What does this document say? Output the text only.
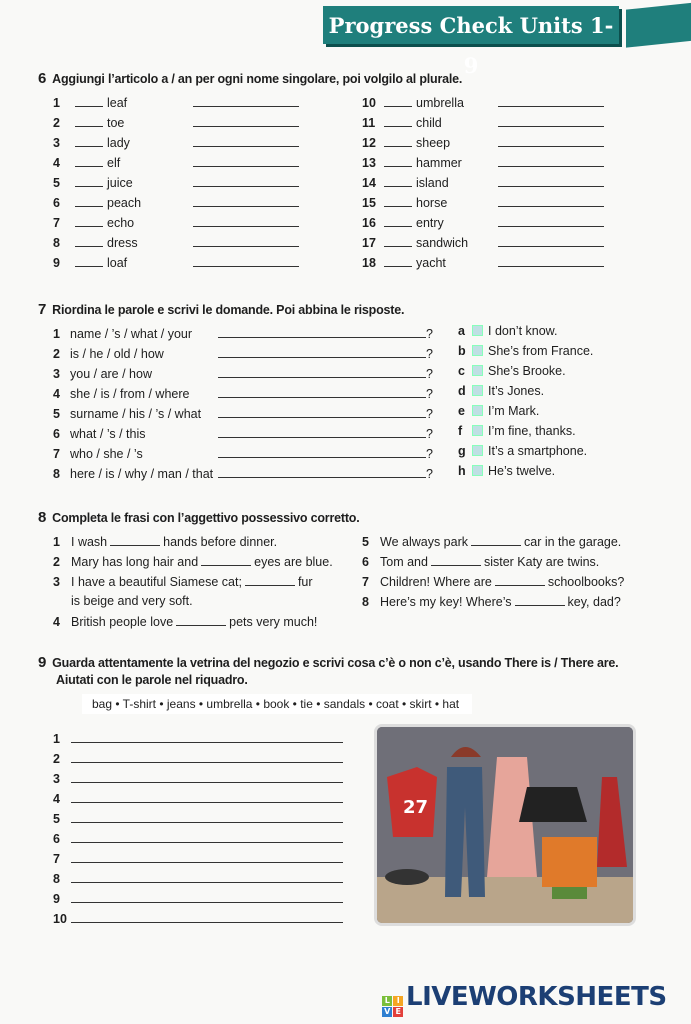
Progress Check Units 1-9
6 Aggiungi l’articolo a / an per ogni nome singolare, poi volgilo al plurale.
1	leaf
2	toe
3	lady
4	elf
5	juice
6	peach
7	echo
8	dress
9	loaf
10	umbrella
11	child
12	sheep
13	hammer
14	island
15	horse
16	entry
17	sandwich
18	yacht
7 Riordina le parole e scrivi le domande. Poi abbina le risposte.
1 name / ’s / what / your	? a I don’t know.
2 is / he / old / how	? b She’s from France.
3 you / are / how	? c She’s Brooke.
4 she / is / from / where	? d It’s Jones.
5 surname / his / ’s / what	? e I’m Mark.
6 what / ’s / this	? f I’m fine, thanks.
7 who / she / ’s	? g It’s a smartphone.
8 here / is / why / man / that	? h He’s twelve.
8 Completa le frasi con l’aggettivo possessivo corretto.
1 I wash	hands before dinner.
2 Mary has long hair and	eyes are blue.
3 I have a beautiful Siamese cat;	fur
is beige and very soft.
4 British people love	pets very much!
5 We always park	car in the garage.
6 Tom and	sister Katy are twins.
7 Children! Where are	schoolbooks?
8 Here’s my key! Where’s	key, dad?
9 Guarda attentamente la vetrina del negozio e scrivi cosa c’è o non c’è, usando There is / There are.
Aiutati con le parole nel riquadro.
bag • T-shirt • jeans • umbrella • book • tie • sandals • coat • skirt • hat
1
2
3
4
5
6
7
8
9
10
27
L I
V E LIVEWORKSHEETS
